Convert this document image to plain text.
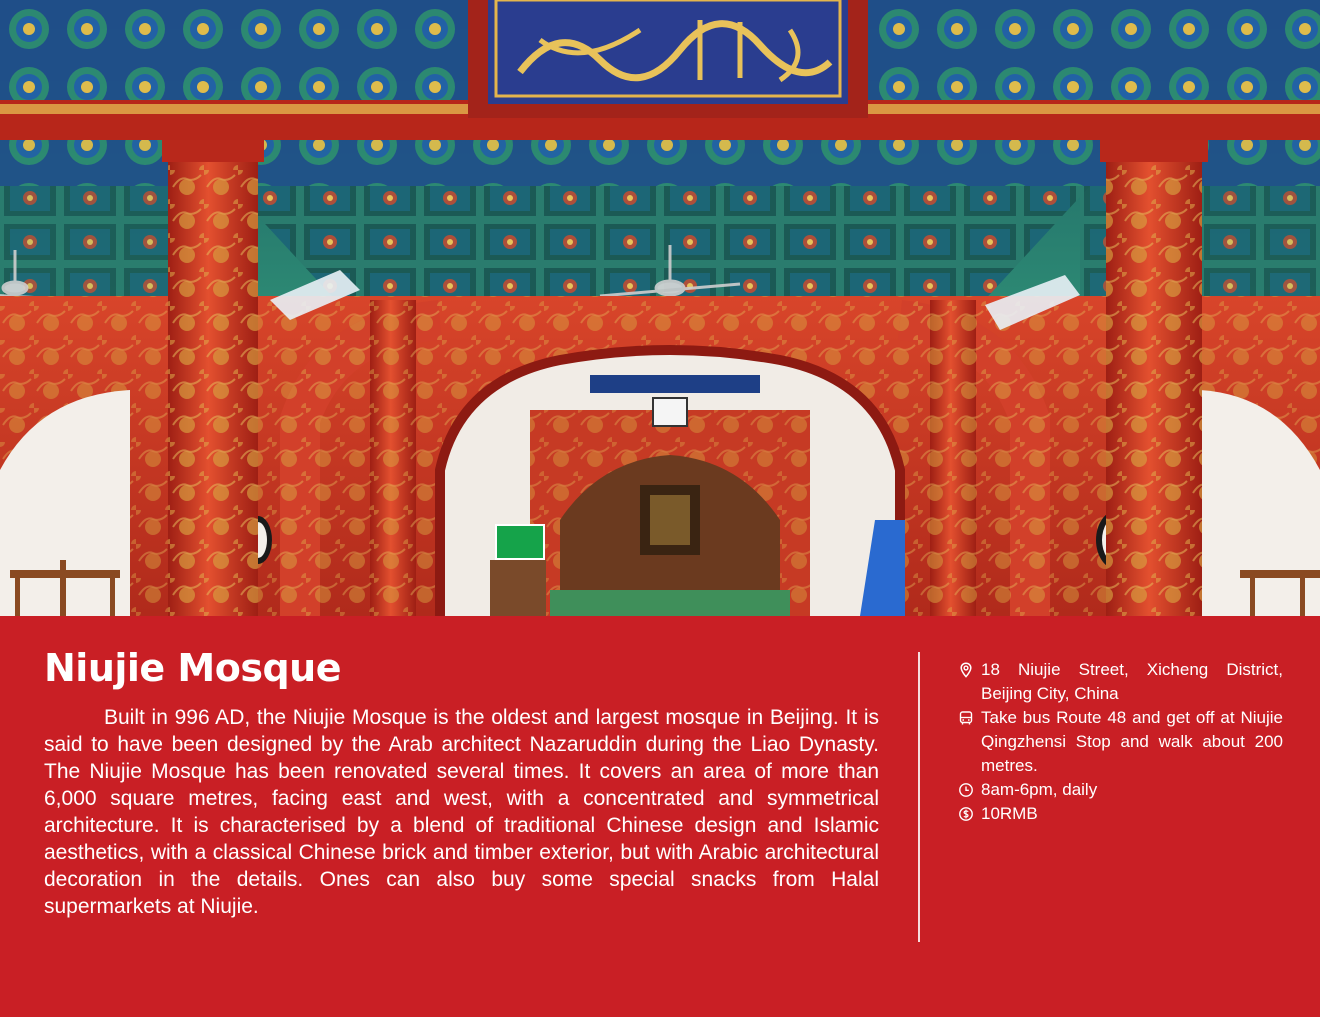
Niujie Mosque

Built in 996 AD, the Niujie Mosque is the oldest and largest mosque in Beijing. It is said to have been designed by the Arab architect Nazaruddin during the Liao Dynasty. The Niujie Mosque has been renovated several times. It covers an area of more than 6,000 square metres, facing east and west, with a concentrated and symmetrical architecture. It is characterised by a blend of traditional Chinese design and Islamic aesthetics, with a classical Chinese brick and timber exterior, but with Arabic architectural decoration in the details. Ones can also buy some special snacks from Halal supermarkets at Niujie.

18 Niujie Street, Xicheng District, Beijing City, China
Take bus Route 48 and get off at Niujie Qingzhensi Stop and walk about 200 metres.
8am-6pm, daily
10RMB
